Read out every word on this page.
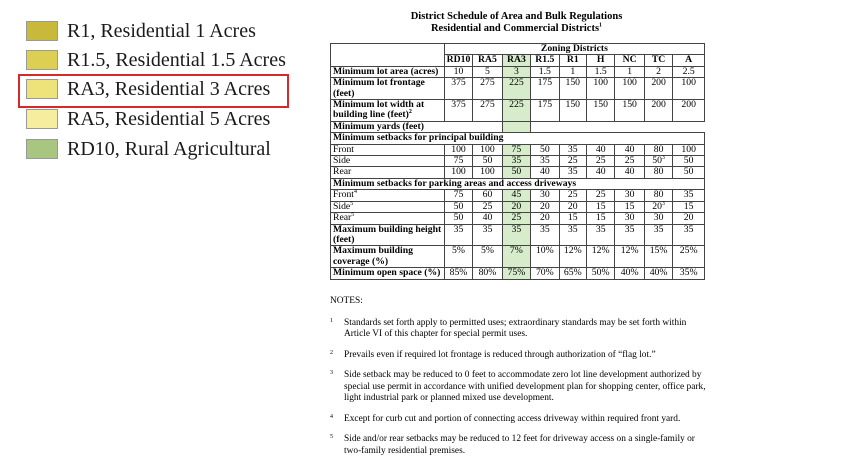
R1, Residential 1 Acres
R1.5, Residential 1.5 Acres
RA3, Residential 3 Acres
RA5, Residential 5 Acres
RD10, Rural Agricultural
District Schedule of Area and Bulk Regulations
Residential and Commercial Districts$^1$
	Zoning Districts								
	RD10	RA5	RA3	R1.5	R1	H	NC	TC	A
Minimum lot area (acres)	10	5	3	1.5	1	1.5	1	2	2.5
Minimum lot frontage (feet)	375	275	225	175	150	100	100	200	100
Minimum lot width at building line (feet)$^2$	375	275	225	175	150	150	150	200	200
Minimum yards (feet)									
Minimum setbacks for principal building									
Front	100	100	75	50	35	40	40	80	100
Side	75	50	35	35	25	25	25	$50^3$	50
Rear	100	100	50	40	35	40	40	80	50
Minimum setbacks for parking areas and access driveways									
Front$^4$	75	60	45	30	25	25	30	80	35
Side$^5$	50	25	20	20	20	15	15	$20^3$	15
Rear$^5$	50	40	25	20	15	15	30	30	20
Maximum building height (feet)	35	35	35	35	35	35	35	35	35
Maximum building coverage (%)	5%	5%	7%	10%	12%	12%	12%	15%	25%
Minimum open space (%)	85%	80%	75%	70%	65%	50%	40%	40%	35%
NOTES:
1 Standards set forth apply to permitted uses; extraordinary standards may be set forth within Article VI of this chapter for special permit uses.
2 Prevails even if required lot frontage is reduced through authorization of “flag lot.”
3 Side setback may be reduced to 0 feet to accommodate zero lot line development authorized by special use permit in accordance with unified development plan for shopping center, office park, light industrial park or planned mixed use development.
4 Except for curb cut and portion of connecting access driveway within required front yard.
5 Side and/or rear setbacks may be reduced to 12 feet for driveway access on a single-family or two-family residential premises.
